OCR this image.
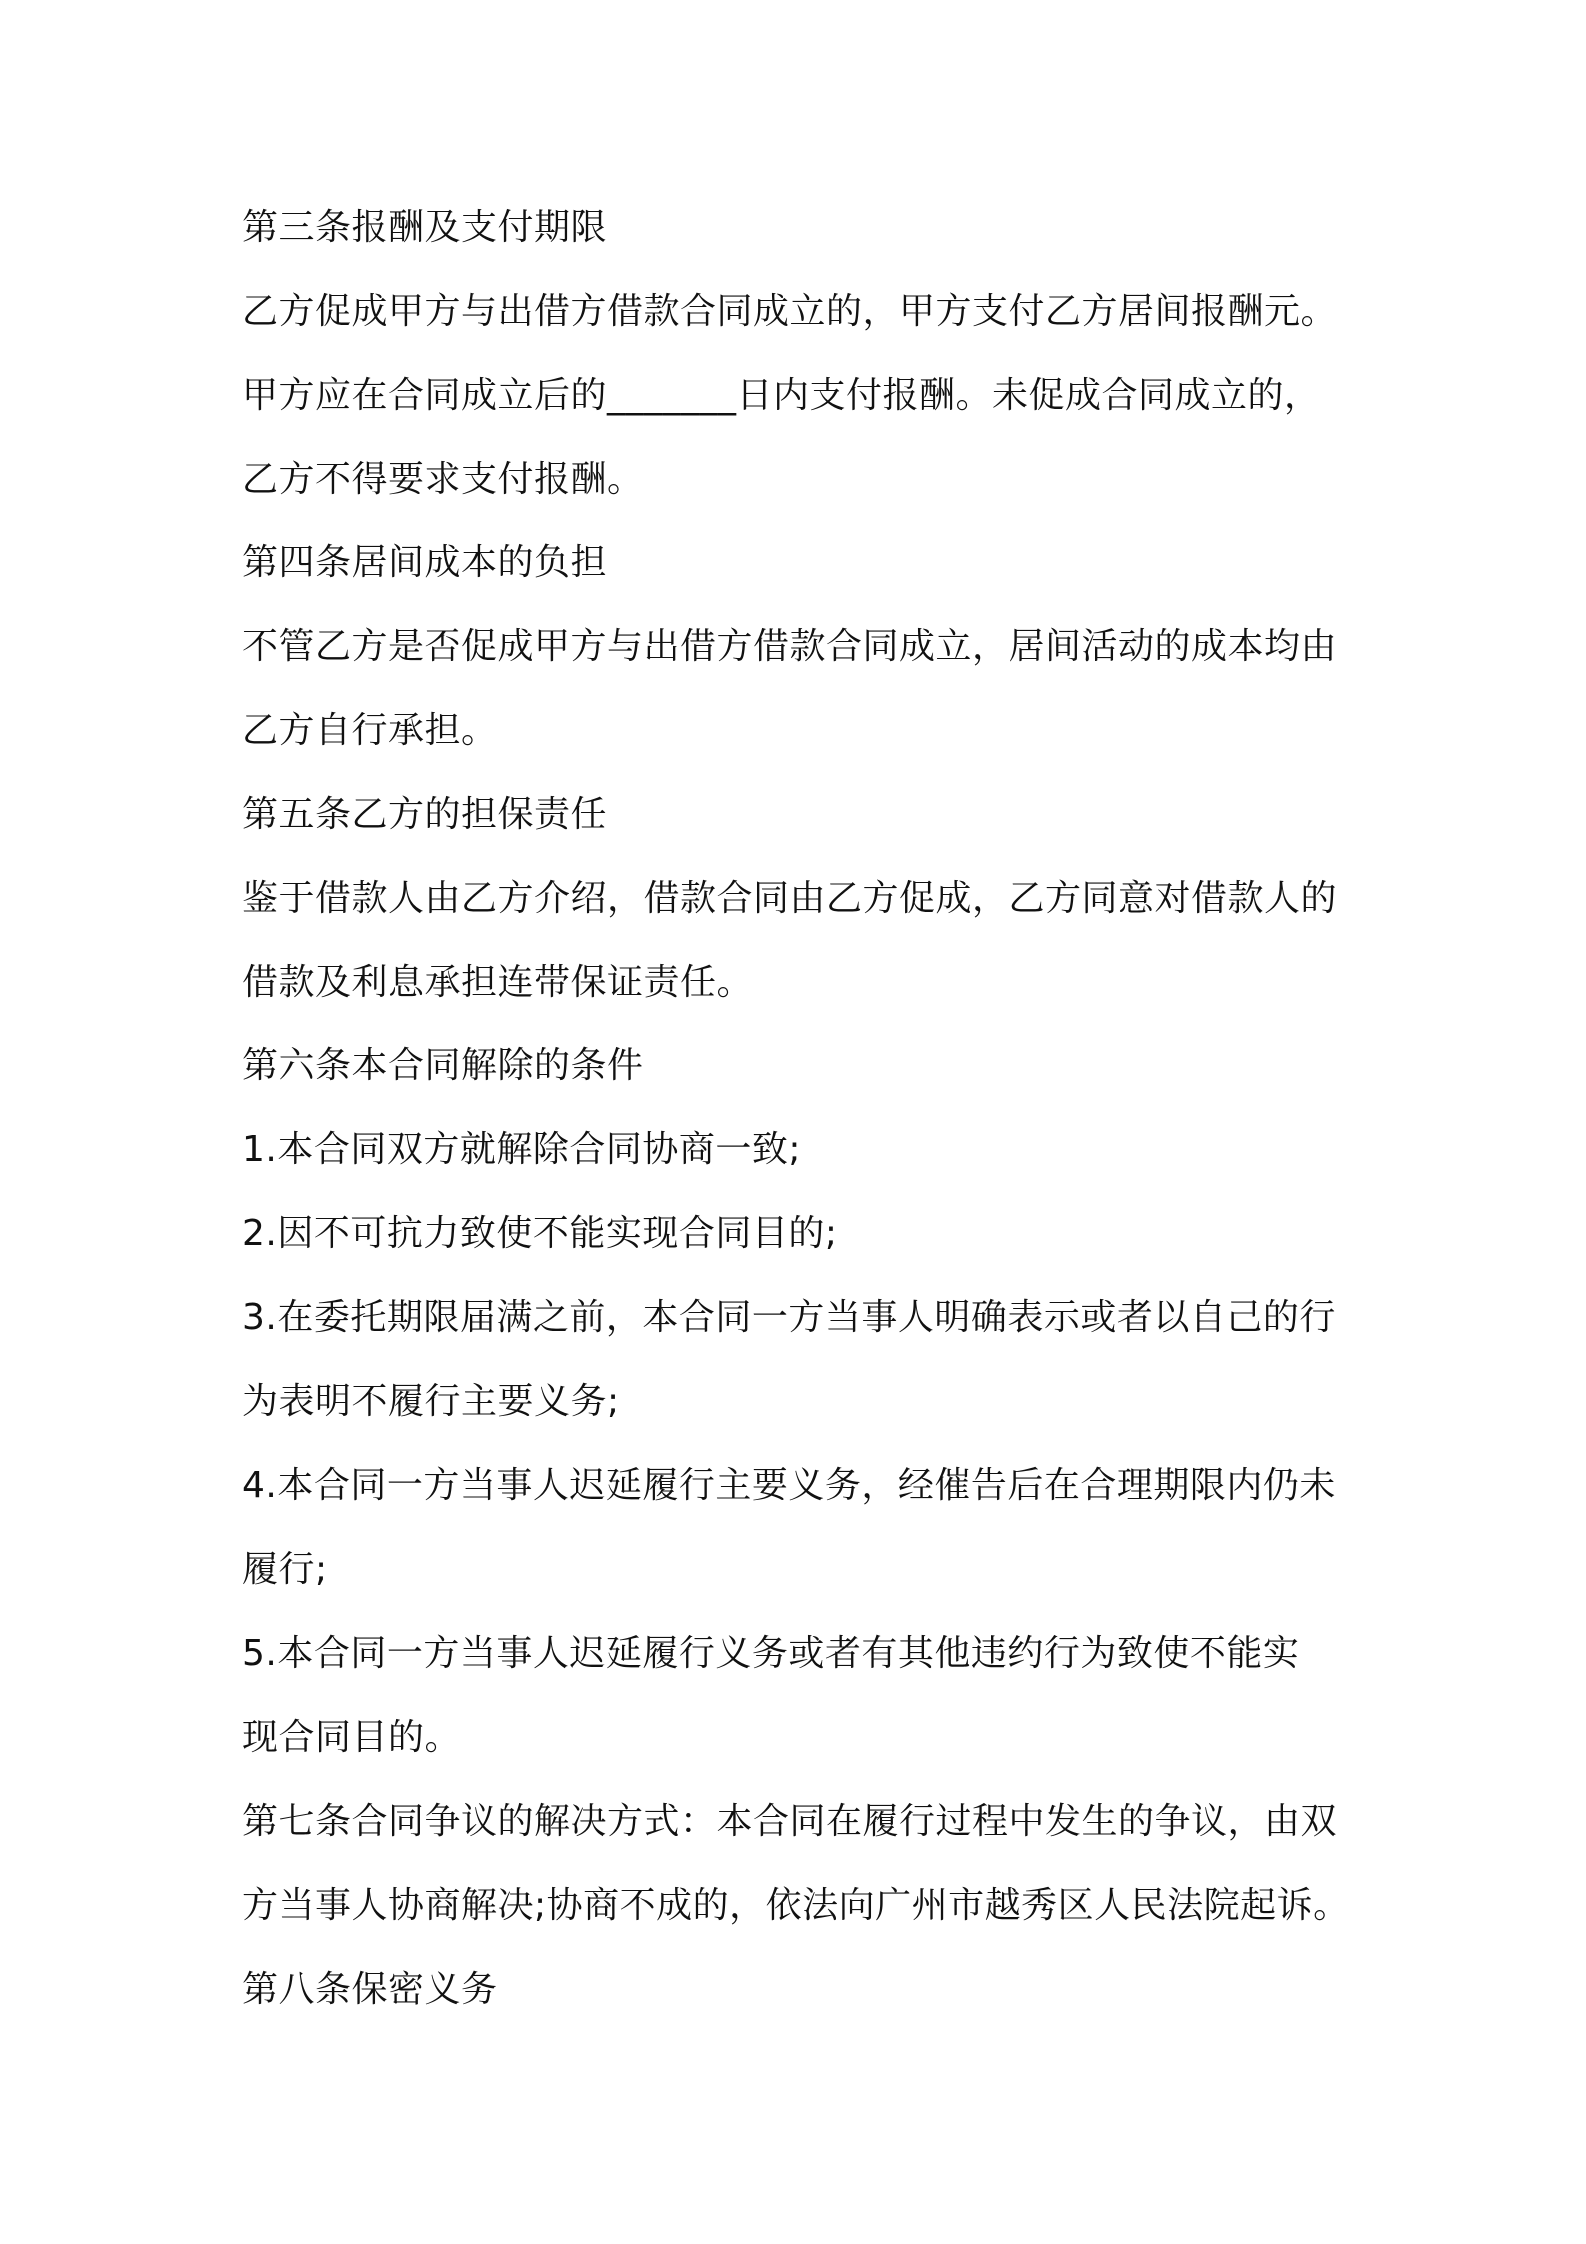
第三条报酬及支付期限
乙方促成甲方与出借方借款合同成立的，甲方支付乙方居间报酬元。
甲方应在合同成立后的_______日内支付报酬。未促成合同成立的，
乙方不得要求支付报酬。
第四条居间成本的负担
不管乙方是否促成甲方与出借方借款合同成立，居间活动的成本均由
乙方自行承担。
第五条乙方的担保责任
鉴于借款人由乙方介绍，借款合同由乙方促成，乙方同意对借款人的
借款及利息承担连带保证责任。
第六条本合同解除的条件
1.本合同双方就解除合同协商一致;
2.因不可抗力致使不能实现合同目的;
3.在委托期限届满之前，本合同一方当事人明确表示或者以自己的行
为表明不履行主要义务;
4.本合同一方当事人迟延履行主要义务，经催告后在合理期限内仍未
履行;
5.本合同一方当事人迟延履行义务或者有其他违约行为致使不能实
现合同目的。
第七条合同争议的解决方式：本合同在履行过程中发生的争议，由双
方当事人协商解决;协商不成的，依法向广州市越秀区人民法院起诉。
第八条保密义务
